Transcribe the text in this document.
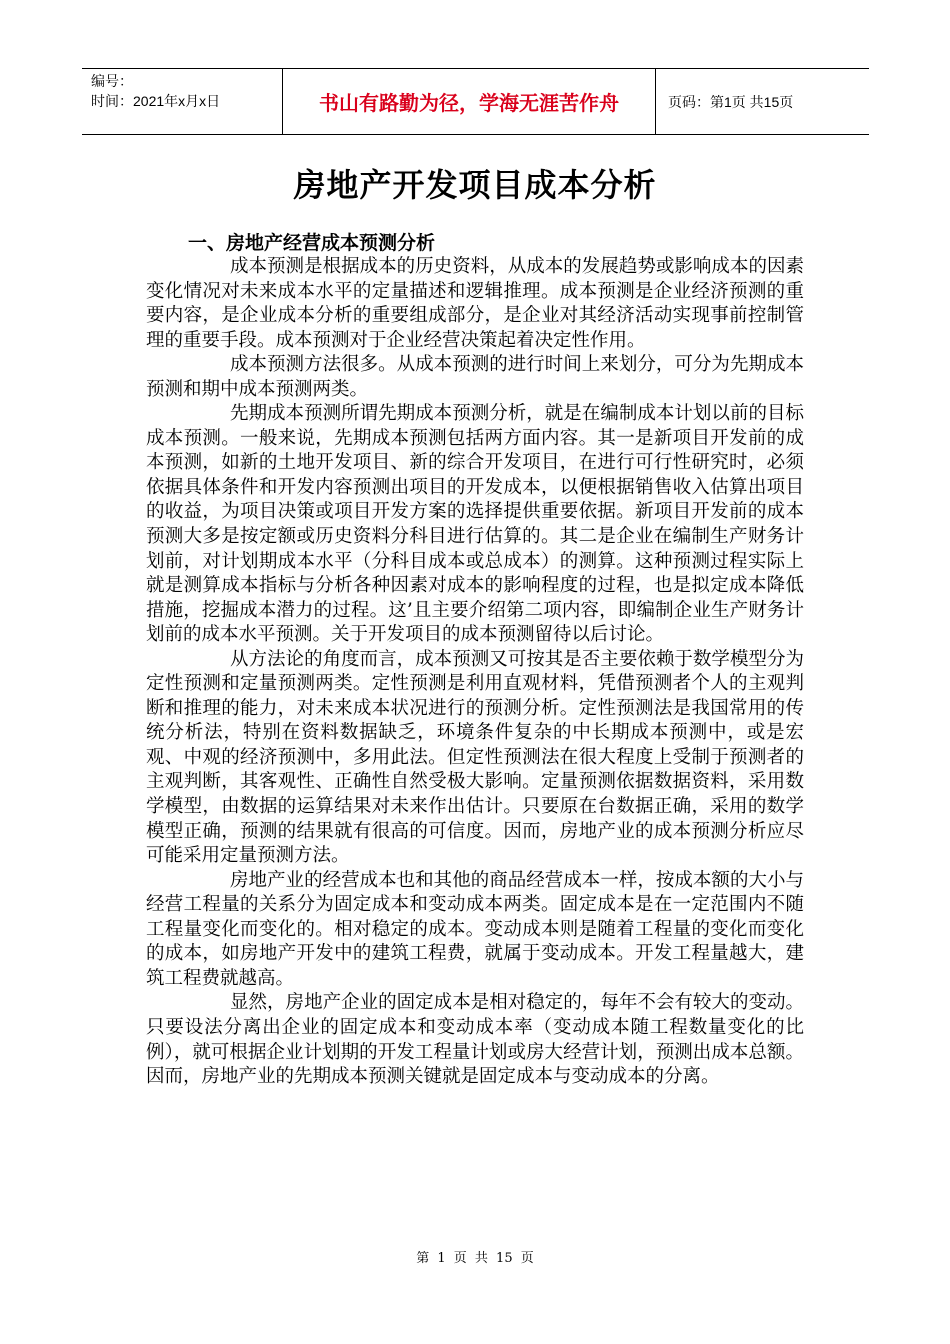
编号：
时间：2021年x月x日	书山有路勤为径，学海无涯苦作舟	页码：第1页 共15页
房地产开发项目成本分析
一、房地产经营成本预测分析

成本预测是根据成本的历史资料，从成本的发展趋势或影响成本的因素变化情况对未来成本水平的定量描述和逻辑推理。成本预测是企业经济预测的重要内容，是企业成本分析的重要组成部分，是企业对其经济活动实现事前控制管理的重要手段。成本预测对于企业经营决策起着决定性作用。

成本预测方法很多。从成本预测的进行时间上来划分，可分为先期成本预测和期中成本预测两类。

先期成本预测所谓先期成本预测分析，就是在编制成本计划以前的目标成本预测。一般来说，先期成本预测包括两方面内容。其一是新项目开发前的成本预测，如新的土地开发项目、新的综合开发项目，在进行可行性研究时，必须依据具体条件和开发内容预测出项目的开发成本，以便根据销售收入估算出项目的收益，为项目决策或项目开发方案的选择提供重要依据。新项目开发前的成本预测大多是按定额或历史资料分科目进行估算的。其二是企业在编制生产财务计划前，对计划期成本水平（分科目成本或总成本）的测算。这种预测过程实际上就是测算成本指标与分析各种因素对成本的影响程度的过程，也是拟定成本降低措施，挖掘成本潜力的过程。这’且主要介绍第二项内容，即编制企业生产财务计划前的成本水平预测。关于开发项目的成本预测留待以后讨论。

从方法论的角度而言，成本预测又可按其是否主要依赖于数学模型分为定性预测和定量预测两类。定性预测是利用直观材料，凭借预测者个人的主观判断和推理的能力，对未来成本状况进行的预测分析。定性预测法是我国常用的传统分析法，特别在资料数据缺乏，环境条件复杂的中长期成本预测中，或是宏观、中观的经济预测中，多用此法。但定性预测法在很大程度上受制于预测者的主观判断，其客观性、正确性自然受极大影响。定量预测依据数据资料，采用数学模型，由数据的运算结果对未来作出估计。只要原在台数据正确，采用的数学模型正确，预测的结果就有很高的可信度。因而，房地产业的成本预测分析应尽可能采用定量预测方法。

房地产业的经营成本也和其他的商品经营成本一样，按成本额的大小与经营工程量的关系分为固定成本和变动成本两类。固定成本是在一定范围内不随工程量变化而变化的。相对稳定的成本。变动成本则是随着工程量的变化而变化的成本，如房地产开发中的建筑工程费，就属于变动成本。开发工程量越大，建筑工程费就越高。

显然，房地产企业的固定成本是相对稳定的，每年不会有较大的变动。只要设法分离出企业的固定成本和变动成本率（变动成本随工程数量变化的比例），就可根据企业计划期的开发工程量计划或房大经营计划，预测出成本总额。因而，房地产业的先期成本预测关键就是固定成本与变动成本的分离。

第 1 页 共 15 页
